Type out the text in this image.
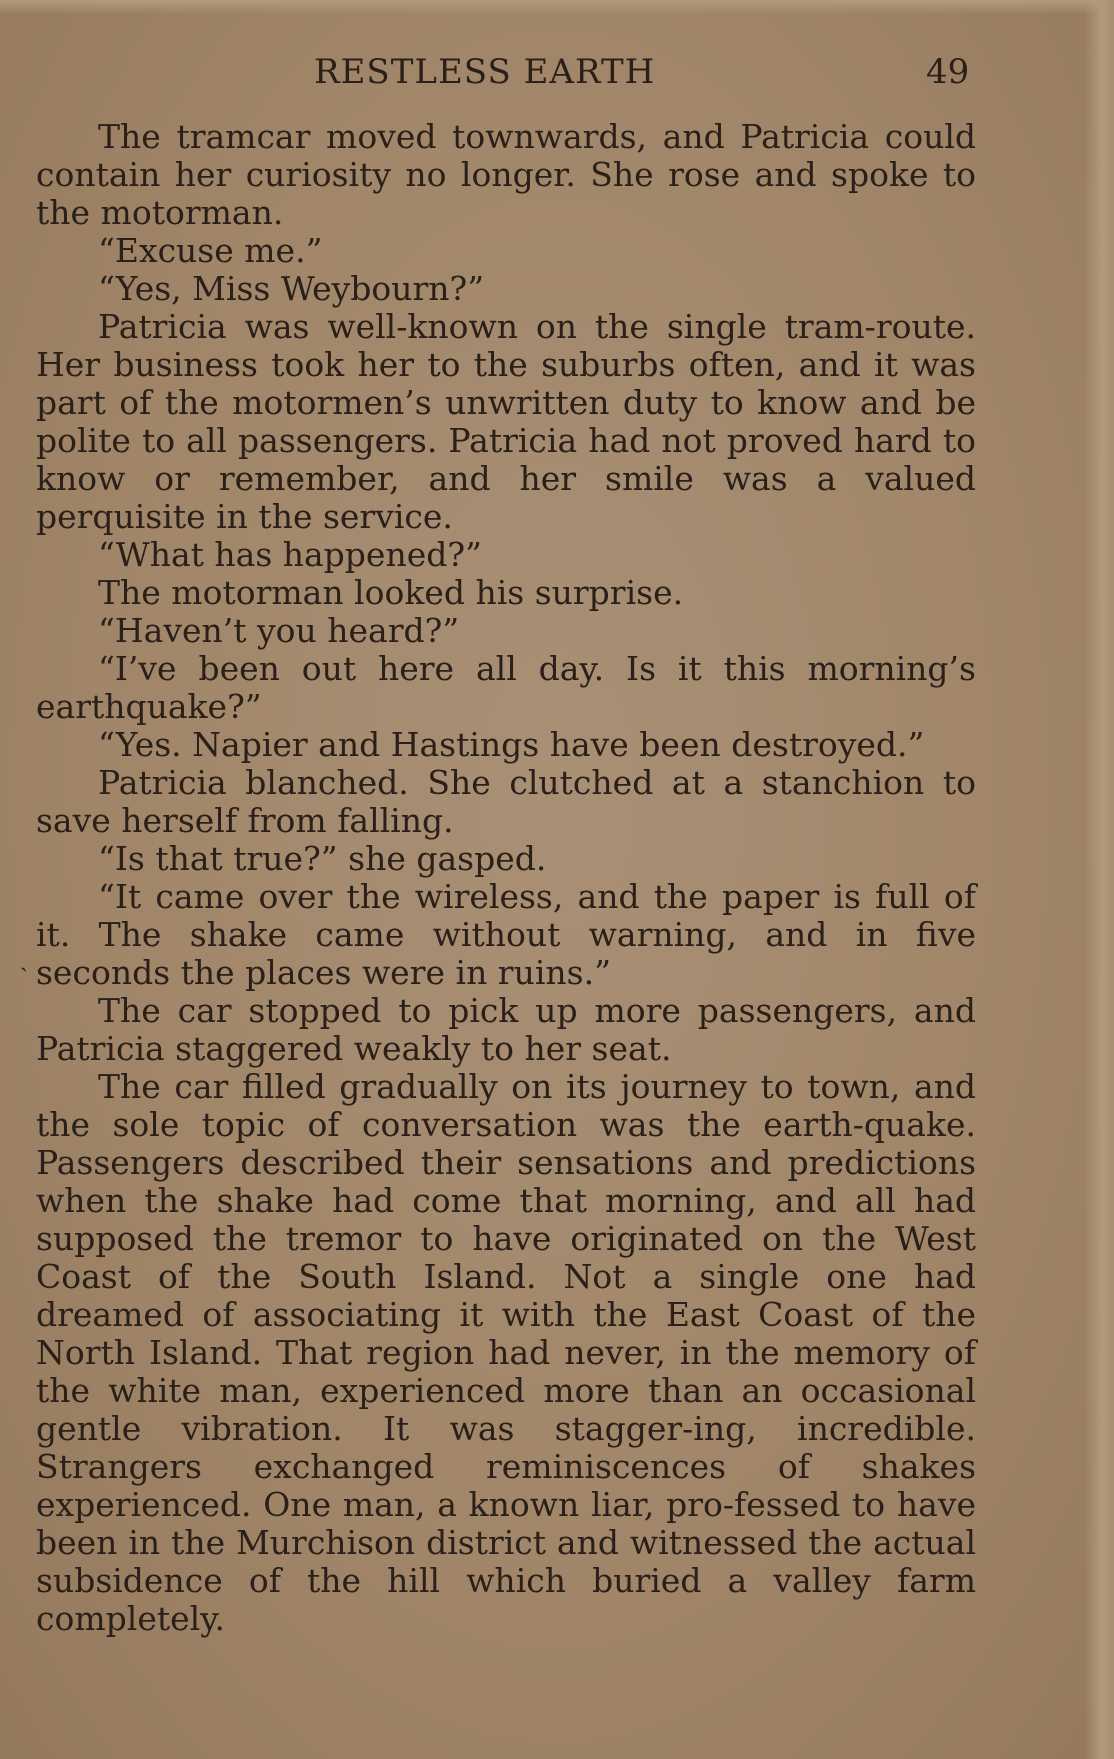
RESTLESS EARTH	49
ˎ

The tramcar moved townwards, and Patricia could contain her curiosity no longer. She rose and spoke to the motorman.

“Excuse me.”

“Yes, Miss Weybourn?”

Patricia was well-known on the single tram-route. Her business took her to the suburbs often, and it was part of the motormen’s unwritten duty to know and be polite to all passengers. Patricia had not proved hard to know or remember, and her smile was a valued perquisite in the service.

“What has happened?”

The motorman looked his surprise.

“Haven’t you heard?”

“I’ve been out here all day. Is it this morning’s earthquake?”

“Yes. Napier and Hastings have been destroyed.”

Patricia blanched. She clutched at a stanchion to save herself from falling.

“Is that true?” she gasped.

“It came over the wireless, and the paper is full of it. The shake came without warning, and in five seconds the places were in ruins.”

The car stopped to pick up more passengers, and Patricia staggered weakly to her seat.

The car filled gradually on its journey to town, and the sole topic of conversation was the earth-quake. Passengers described their sensations and predictions when the shake had come that morning, and all had supposed the tremor to have originated on the West Coast of the South Island. Not a single one had dreamed of associating it with the East Coast of the North Island. That region had never, in the memory of the white man, experienced more than an occasional gentle vibration. It was stagger-ing, incredible. Strangers exchanged reminiscences of shakes experienced. One man, a known liar, pro-fessed to have been in the Murchison district and witnessed the actual subsidence of the hill which buried a valley farm completely.
